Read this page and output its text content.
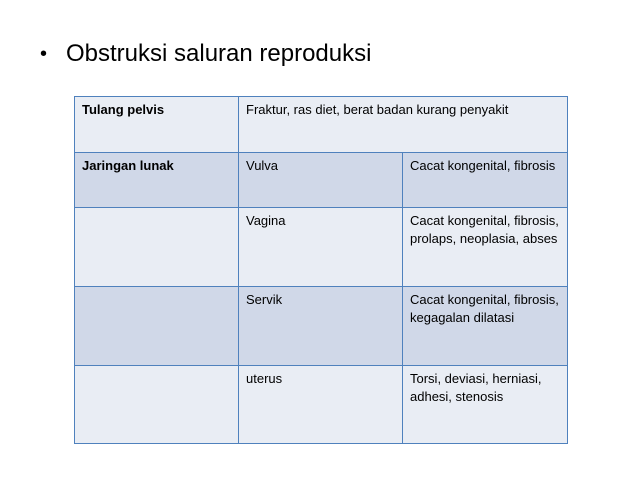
• Obstruksi saluran reproduksi
Tulang pelvis	Fraktur, ras diet, berat badan kurang penyakit	
Jaringan lunak	Vulva	Cacat kongenital, fibrosis
	Vagina	Cacat kongenital, fibrosis, prolaps, neoplasia, abses
	Servik	Cacat kongenital, fibrosis, kegagalan dilatasi
	uterus	Torsi, deviasi, herniasi, adhesi, stenosis
